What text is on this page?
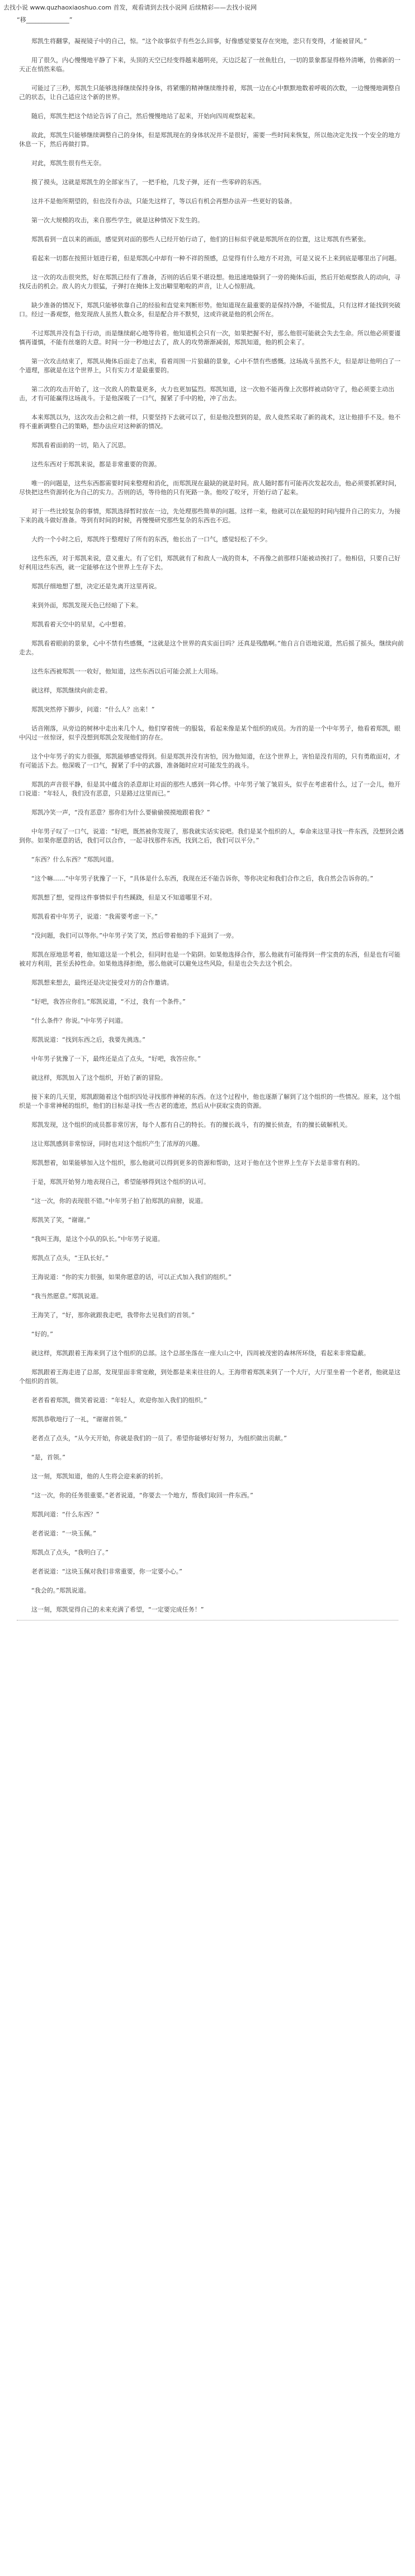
去找小说 www.quzhaoxiaoshuo.com 首发，观看请到去找小说网 后续精彩——去找小说网
“移______________”

　　郑凯生将翻掌，凝视镜子中的自己，惊。“这个故事似乎有些怎么回事，好像感觉要复存在突地，恋只有变得，才能被冒风。”

　　用了很久，内心慢慢地平静了下来，头顶的天空已经变得越来越明亮，天边泛起了一丝鱼肚白，一切的景象都显得格外清晰，仿佛新的一天正在悄然来临。

　　可能过了三秒，郑凯生只能够选择继续保持身体，将紧绷的精神继续维持着，郑凯一边在心中默默地数着呼吸的次数，一边慢慢地调整自己的状态，让自己适应这个新的世界。

　　随后，郑凯生把这个结论告诉了自己，然后慢慢地站了起来，开始向四周观察起来。

　　故此，郑凯生只能够继续调整自己的身体，但是郑凯现在的身体状况并不是很好，需要一些时间来恢复，所以他决定先找一个安全的地方休息一下，然后再做打算。

　　对此，郑凯生很有些无奈。

　　摸了摸头，这就是郑凯生的全部家当了，一把手枪，几发子弹，还有一些零碎的东西。

　　这并不是他所期望的，但也没有办法，只能先这样了，等以后有机会再想办法弄一些更好的装备。

　　第一次大规模的攻击，来自那些学生，就是这种情况下发生的。

　　郑凯看到一直以来的画面，感觉到对面的那些人已经开始行动了，他们的目标似乎就是郑凯所在的位置，这让郑凯有些紧张。

　　看起来一切都在按照计划进行着，但是郑凯心中却有一种不祥的预感，总觉得有什么地方不对劲，可是又说不上来到底是哪里出了问题。

　　这一次的攻击很突然，好在郑凯已经有了准备，否则的话后果不堪设想。他迅速地躲到了一旁的掩体后面，然后开始观察敌人的动向，寻找反击的机会。敌人的火力很猛，子弹打在掩体上发出噼里啪啦的声音，让人心惊胆战。

　　缺少准备的情况下，郑凯只能够依靠自己的经验和直觉来判断形势。他知道现在最重要的是保持冷静，不能慌乱，只有这样才能找到突破口。经过一番观察，他发现敌人虽然人数众多，但是配合并不默契，这或许就是他的机会所在。

　　不过郑凯并没有急于行动，而是继续耐心地等待着。他知道机会只有一次，如果把握不好，那么他很可能就会失去生命。所以他必须要谨慎再谨慎，不能有丝毫的大意。时间一分一秒地过去了，敌人的攻势渐渐减弱，郑凯知道，他的机会来了。

　　第一次攻击结束了，郑凯从掩体后面走了出来，看着周围一片狼藉的景象，心中不禁有些感慨。这场战斗虽然不大，但是却让他明白了一个道理，那就是在这个世界上，只有实力才是最重要的。

　　第二次的攻击开始了，这一次敌人的数量更多，火力也更加猛烈。郑凯知道，这一次他不能再像上次那样被动防守了，他必须要主动出击，才有可能赢得这场战斗。于是他深吸了一口气，握紧了手中的枪，冲了出去。

　　本来郑凯以为，这次攻击会和之前一样，只要坚持下去就可以了，但是他没想到的是，敌人竟然采取了新的战术，这让他措手不及。他不得不重新调整自己的策略，想办法应对这种新的情况。

　　郑凯看着面前的一切，陷入了沉思。

　　这些东西对于郑凯来说，都是非常重要的资源。

　　唯一的问题是，这些东西都需要时间来整理和消化，而郑凯现在最缺的就是时间。敌人随时都有可能再次发起攻击，他必须要抓紧时间，尽快把这些资源转化为自己的实力。否则的话，等待他的只有死路一条。他咬了咬牙，开始行动了起来。

　　对于一些比较复杂的事情，郑凯选择暂时放在一边，先处理那些简单的问题。这样一来，他就可以在最短的时间内提升自己的实力，为接下来的战斗做好准备。等到有时间的时候，再慢慢研究那些复杂的东西也不迟。

　　大约一个小时之后，郑凯终于整理好了所有的东西，他长出了一口气，感觉轻松了不少。

　　这些东西，对于郑凯来说，意义重大。有了它们，郑凯就有了和敌人一战的资本，不再像之前那样只能被动挨打了。他相信，只要自己好好利用这些东西，就一定能够在这个世界上生存下去。

　　郑凯仔细地想了想，决定还是先离开这里再说。

　　来到外面，郑凯发现天色已经暗了下来。

　　郑凯看着天空中的星星，心中想着。

　　郑凯看着眼前的景象，心中不禁有些感慨，“这就是这个世界的真实面目吗？还真是残酷啊。”他自言自语地说道，然后摇了摇头，继续向前走去。

　　这些东西被郑凯一一收好，他知道，这些东西以后可能会派上大用场。

　　就这样，郑凯继续向前走着。

　　郑凯突然停下脚步，问道：“什么人？出来！”

　　话音刚落，从旁边的树林中走出来几个人，他们穿着统一的服装，看起来像是某个组织的成员。为首的是一个中年男子，他看着郑凯，眼中闪过一丝惊讶，似乎没想到郑凯会发现他们的存在。

　　这个中年男子的实力很强，郑凯能够感觉得到。但是郑凯并没有害怕，因为他知道，在这个世界上，害怕是没有用的，只有勇敢面对，才有可能活下去。他深吸了一口气，握紧了手中的武器，准备随时应对可能发生的战斗。

　　郑凯的声音很平静，但是其中蕴含的杀意却让对面的那些人感到一阵心悸。中年男子皱了皱眉头，似乎在考虑着什么，过了一会儿，他开口说道：“年轻人，我们没有恶意，只是路过这里而已。”

　　郑凯冷笑一声，“没有恶意？那你们为什么要偷偷摸摸地跟着我？”

　　中年男子叹了一口气，说道：“好吧，既然被你发现了，那我就实话实说吧。我们是某个组织的人，奉命来这里寻找一件东西，没想到会遇到你。如果你愿意的话，我们可以合作，一起寻找那件东西，找到之后，我们可以平分。”

　　“东西？什么东西？”郑凯问道。

　　“这个嘛……”中年男子犹豫了一下，“具体是什么东西，我现在还不能告诉你，等你决定和我们合作之后，我自然会告诉你的。”

　　郑凯想了想，觉得这件事情似乎有些蹊跷，但是又不知道哪里不对。

　　郑凯看着中年男子，说道：“我需要考虑一下。”

　　“没问题，我们可以等你。”中年男子笑了笑，然后带着他的手下退到了一旁。

　　郑凯在原地思考着，他知道这是一个机会，但同时也是一个陷阱。如果他选择合作，那么他就有可能得到一件宝贵的东西，但是也有可能被对方利用，甚至丢掉性命。如果他选择拒绝，那么他就可以避免这些风险，但是也会失去这个机会。

　　郑凯想来想去，最终还是决定接受对方的合作邀请。

　　“好吧，我答应你们。”郑凯说道，“不过，我有一个条件。”

　　“什么条件？你说。”中年男子问道。

　　郑凯说道：“找到东西之后，我要先挑选。”

　　中年男子犹豫了一下，最终还是点了点头，“好吧，我答应你。”

　　就这样，郑凯加入了这个组织，开始了新的冒险。

　　接下来的几天里，郑凯跟随着这个组织四处寻找那件神秘的东西。在这个过程中，他也逐渐了解到了这个组织的一些情况。原来，这个组织是一个非常神秘的组织，他们的目标是寻找一些古老的遗迹，然后从中获取宝贵的资源。

　　郑凯发现，这个组织的成员都非常厉害，每个人都有自己的特长。有的擅长战斗，有的擅长侦查，有的擅长破解机关。

　　这让郑凯感到非常惊讶，同时也对这个组织产生了浓厚的兴趣。

　　郑凯想着，如果能够加入这个组织，那么他就可以得到更多的资源和帮助，这对于他在这个世界上生存下去是非常有利的。

　　于是，郑凯开始努力地表现自己，希望能够得到这个组织的认可。

　　“这一次，你的表现很不错。”中年男子拍了拍郑凯的肩膀，说道。

　　郑凯笑了笑，“谢谢。”

　　“我叫王海，是这个小队的队长。”中年男子说道。

　　郑凯点了点头，“王队长好。”

　　王海说道：“你的实力很强，如果你愿意的话，可以正式加入我们的组织。”

　　“我当然愿意。”郑凯说道。

　　王海笑了，“好，那你就跟我走吧，我带你去见我们的首领。”

　　“好的。”

　　就这样，郑凯跟着王海来到了这个组织的总部。这个总部坐落在一座大山之中，四周被茂密的森林所环绕，看起来非常隐蔽。

　　郑凯跟着王海走进了总部，发现里面非常宽敞，到处都是来来往往的人。王海带着郑凯来到了一个大厅，大厅里坐着一个老者，他就是这个组织的首领。

　　老者看着郑凯，微笑着说道：“年轻人，欢迎你加入我们的组织。”

　　郑凯恭敬地行了一礼，“谢谢首领。”

　　老者点了点头，“从今天开始，你就是我们的一员了。希望你能够好好努力，为组织做出贡献。”

　　“是，首领。”

　　这一刻，郑凯知道，他的人生将会迎来新的转折。

　　“这一次，你的任务很重要。”老者说道，“你要去一个地方，帮我们取回一件东西。”

　　郑凯问道：“什么东西？”

　　老者说道：“一块玉佩。”

　　郑凯点了点头，“我明白了。”

　　老者说道：“这块玉佩对我们非常重要，你一定要小心。”

　　“我会的。”郑凯说道。

　　这一刻，郑凯觉得自己的未来充满了希望，“一定要完成任务！”
